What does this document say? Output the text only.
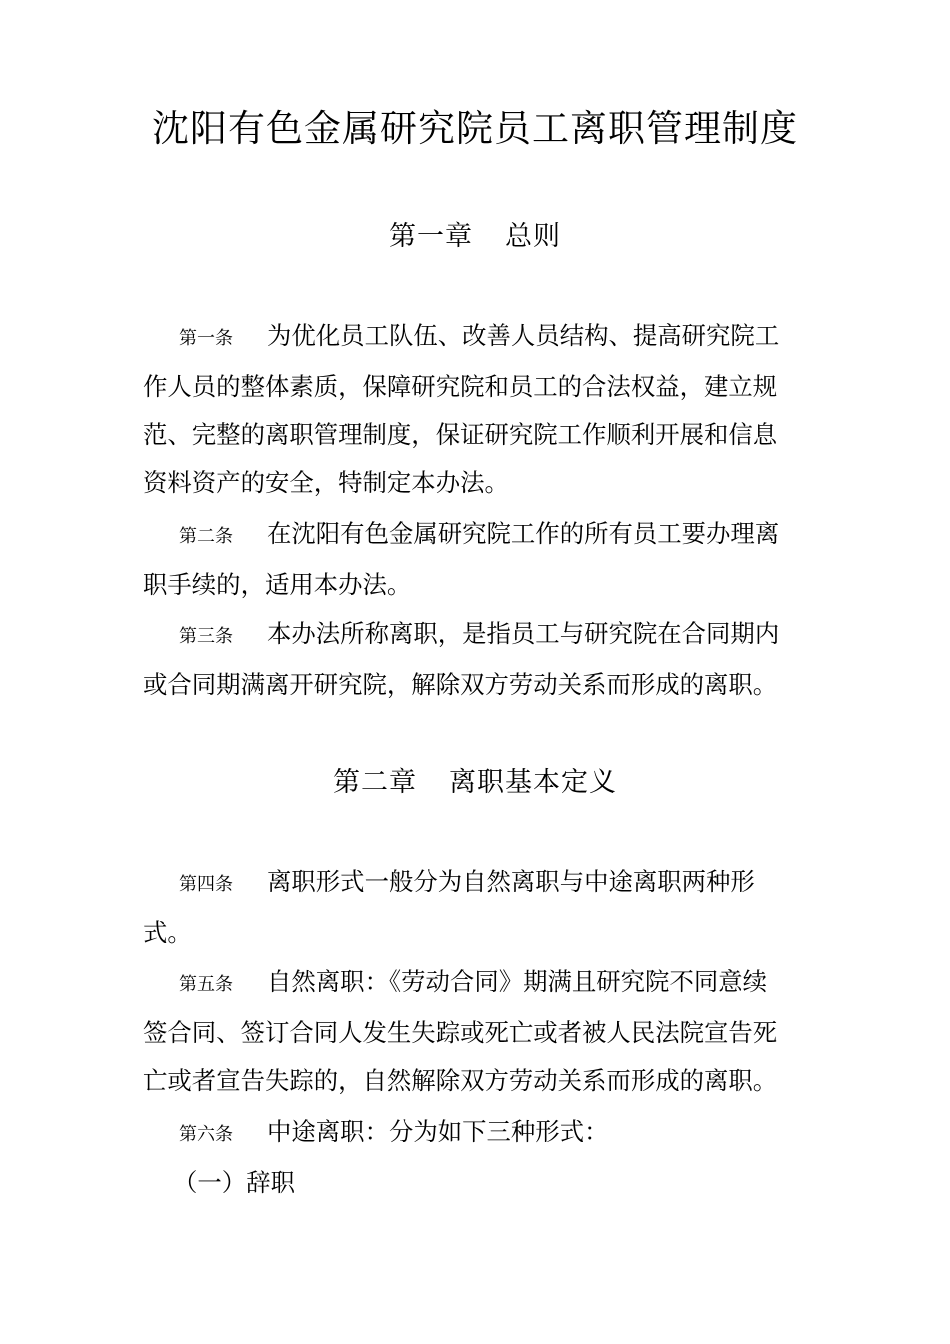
沈阳有色金属研究院员工离职管理制度
第一章 总则
第一条 为优化员工队伍、改善人员结构、提高研究院工
作人员的整体素质，保障研究院和员工的合法权益，建立规
范、完整的离职管理制度，保证研究院工作顺利开展和信息
资料资产的安全，特制定本办法。
第二条 在沈阳有色金属研究院工作的所有员工要办理离
职手续的，适用本办法。
第三条 本办法所称离职，是指员工与研究院在合同期内
或合同期满离开研究院，解除双方劳动关系而形成的离职。
第二章 离职基本定义
第四条 离职形式一般分为自然离职与中途离职两种形
式。
第五条 自然离职：《劳动合同》期满且研究院不同意续
签合同、签订合同人发生失踪或死亡或者被人民法院宣告死
亡或者宣告失踪的，自然解除双方劳动关系而形成的离职。
第六条 中途离职：分为如下三种形式：
（一）辞职
